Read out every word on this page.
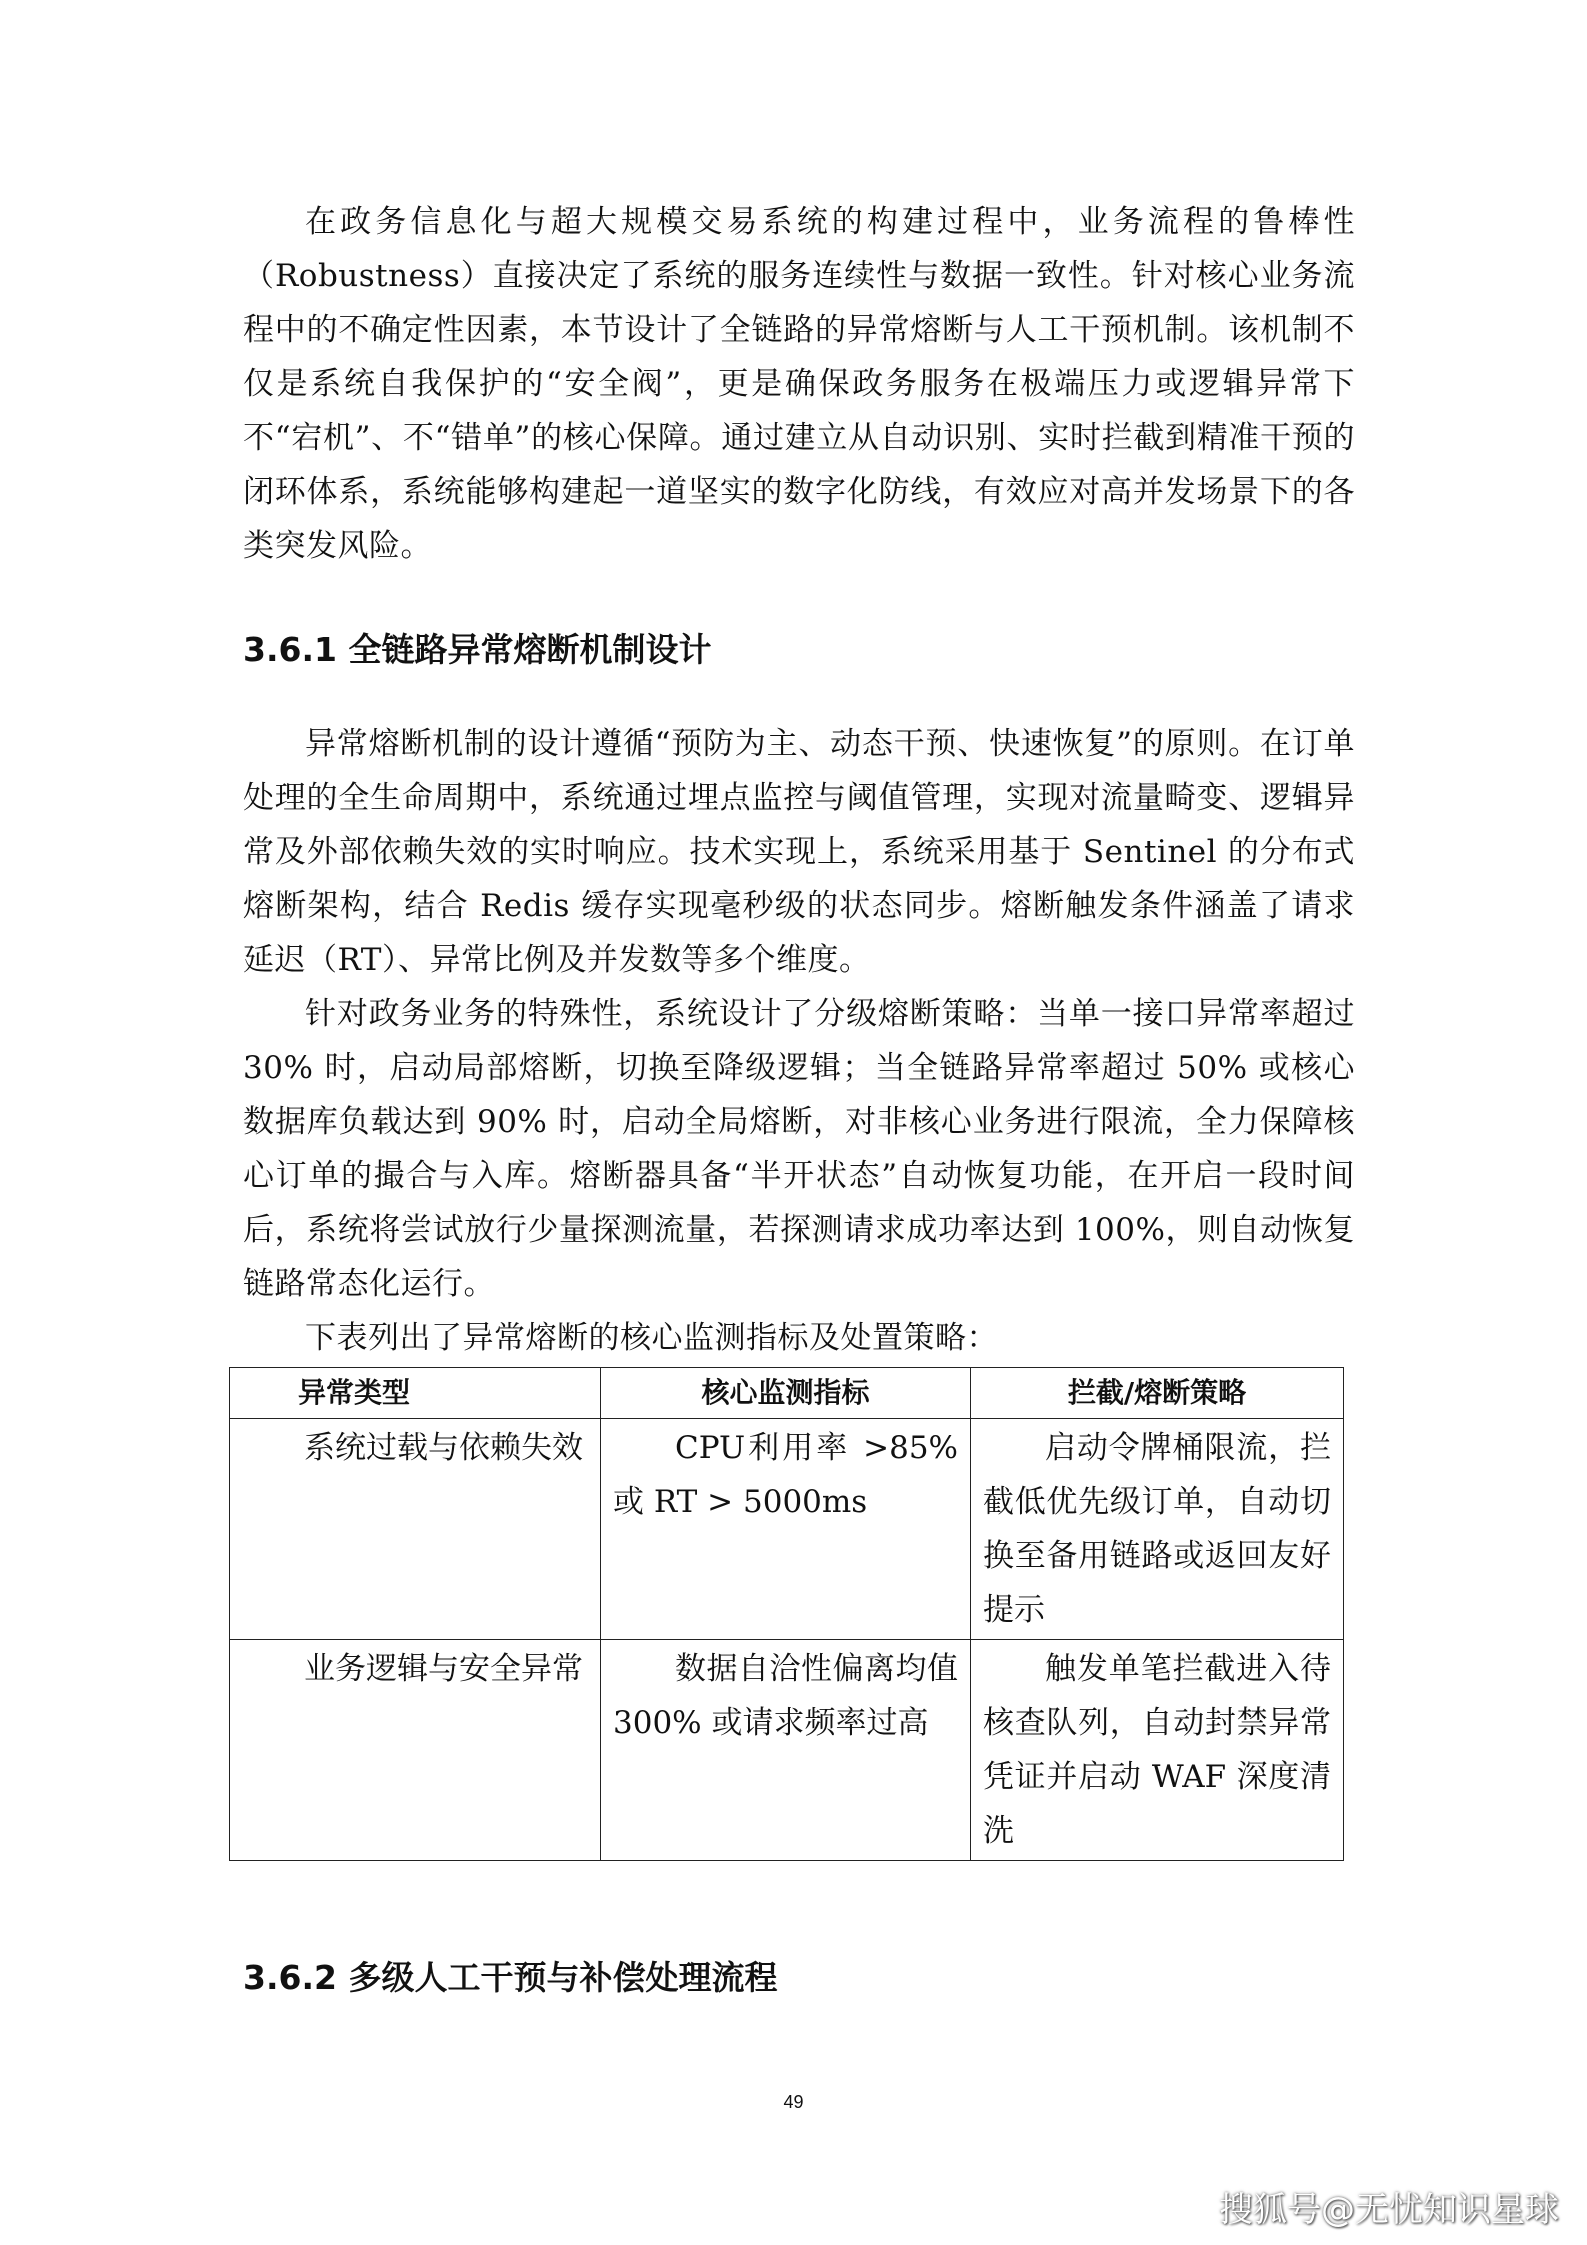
在政务信息化与超大规模交易系统的构建过程中，业务流程的鲁棒性（Robustness）直接决定了系统的服务连续性与数据一致性。针对核心业务流程中的不确定性因素，本节设计了全链路的异常熔断与人工干预机制。该机制不仅是系统自我保护的“安全阀”，更是确保政务服务在极端压力或逻辑异常下不“宕机”、不“错单”的核心保障。通过建立从自动识别、实时拦截到精准干预的闭环体系，系统能够构建起一道坚实的数字化防线，有效应对高并发场景下的各类突发风险。

3.6.1 全链路异常熔断机制设计

异常熔断机制的设计遵循“预防为主、动态干预、快速恢复”的原则。在订单处理的全生命周期中，系统通过埋点监控与阈值管理，实现对流量畸变、逻辑异常及外部依赖失效的实时响应。技术实现上，系统采用基于 Sentinel 的分布式熔断架构，结合 Redis 缓存实现毫秒级的状态同步。熔断触发条件涵盖了请求延迟（RT）、异常比例及并发数等多个维度。

针对政务业务的特殊性，系统设计了分级熔断策略：当单一接口异常率超过 30% 时，启动局部熔断，切换至降级逻辑；当全链路异常率超过 50% 或核心数据库负载达到 90% 时，启动全局熔断，对非核心业务进行限流，全力保障核心订单的撮合与入库。熔断器具备“半开状态”自动恢复功能，在开启一段时间后，系统将尝试放行少量探测流量，若探测请求成功率达到 100%，则自动恢复链路常态化运行。

下表列出了异常熔断的核心监测指标及处置策略：

异常类型	核心监测指标	拦截/熔断策略
系统过载与依赖失效	CPU利用率 >85% 或 RT > 5000ms	启动令牌桶限流，拦截低优先级订单，自动切换至备用链路或返回友好提示
业务逻辑与安全异常	数据自洽性偏离均值 300% 或请求频率过高	触发单笔拦截进入待核查队列，自动封禁异常凭证并启动 WAF 深度清洗
3.6.2 多级人工干预与补偿处理流程
49
搜狐号@无忧知识星球
